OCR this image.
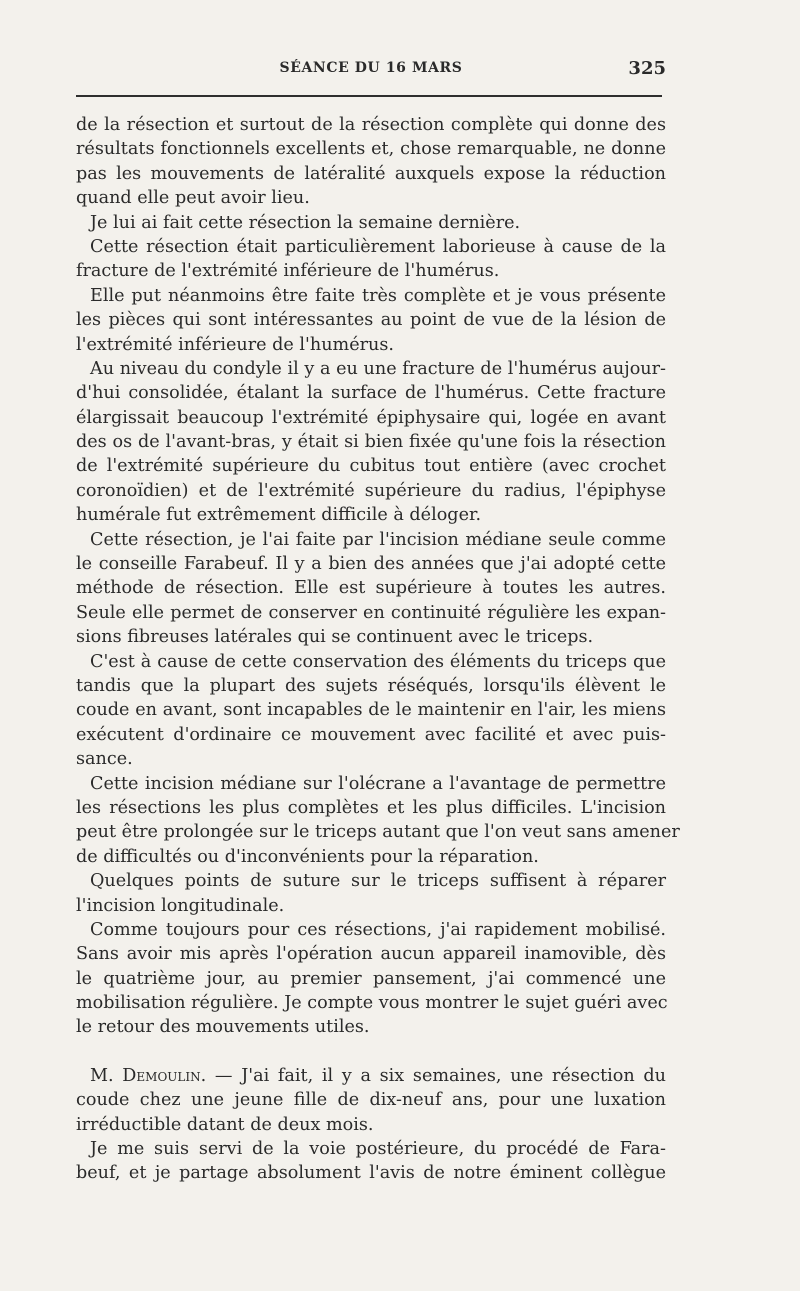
SÉANCE DU 16 MARS	325
de la résection et surtout de la résection complète qui donne des
résultats fonctionnels excellents et, chose remarquable, ne donne
pas les mouvements de latéralité auxquels expose la réduction
quand elle peut avoir lieu.
Je lui ai fait cette résection la semaine dernière.
Cette résection était particulièrement laborieuse à cause de la
fracture de l'extrémité inférieure de l'humérus.
Elle put néanmoins être faite très complète et je vous présente
les pièces qui sont intéressantes au point de vue de la lésion de
l'extrémité inférieure de l'humérus.
Au niveau du condyle il y a eu une fracture de l'humérus aujour-
d'hui consolidée, étalant la surface de l'humérus. Cette fracture
élargissait beaucoup l'extrémité épiphysaire qui, logée en avant
des os de l'avant-bras, y était si bien fixée qu'une fois la résection
de l'extrémité supérieure du cubitus tout entière (avec crochet
coronoïdien) et de l'extrémité supérieure du radius, l'épiphyse
humérale fut extrêmement difficile à déloger.
Cette résection, je l'ai faite par l'incision médiane seule comme
le conseille Farabeuf. Il y a bien des années que j'ai adopté cette
méthode de résection. Elle est supérieure à toutes les autres.
Seule elle permet de conserver en continuité régulière les expan-
sions fibreuses latérales qui se continuent avec le triceps.
C'est à cause de cette conservation des éléments du triceps que
tandis que la plupart des sujets réséqués, lorsqu'ils élèvent le
coude en avant, sont incapables de le maintenir en l'air, les miens
exécutent d'ordinaire ce mouvement avec facilité et avec puis-
sance.
Cette incision médiane sur l'olécrane a l'avantage de permettre
les résections les plus complètes et les plus difficiles. L'incision
peut être prolongée sur le triceps autant que l'on veut sans amener
de difficultés ou d'inconvénients pour la réparation.
Quelques points de suture sur le triceps suffisent à réparer
l'incision longitudinale.
Comme toujours pour ces résections, j'ai rapidement mobilisé.
Sans avoir mis après l'opération aucun appareil inamovible, dès
le quatrième jour, au premier pansement, j'ai commencé une
mobilisation régulière. Je compte vous montrer le sujet guéri avec
le retour des mouvements utiles.
M. Demoulin. — J'ai fait, il y a six semaines, une résection du
coude chez une jeune fille de dix-neuf ans, pour une luxation
irréductible datant de deux mois.
Je me suis servi de la voie postérieure, du procédé de Fara-
beuf, et je partage absolument l'avis de notre éminent collègue
